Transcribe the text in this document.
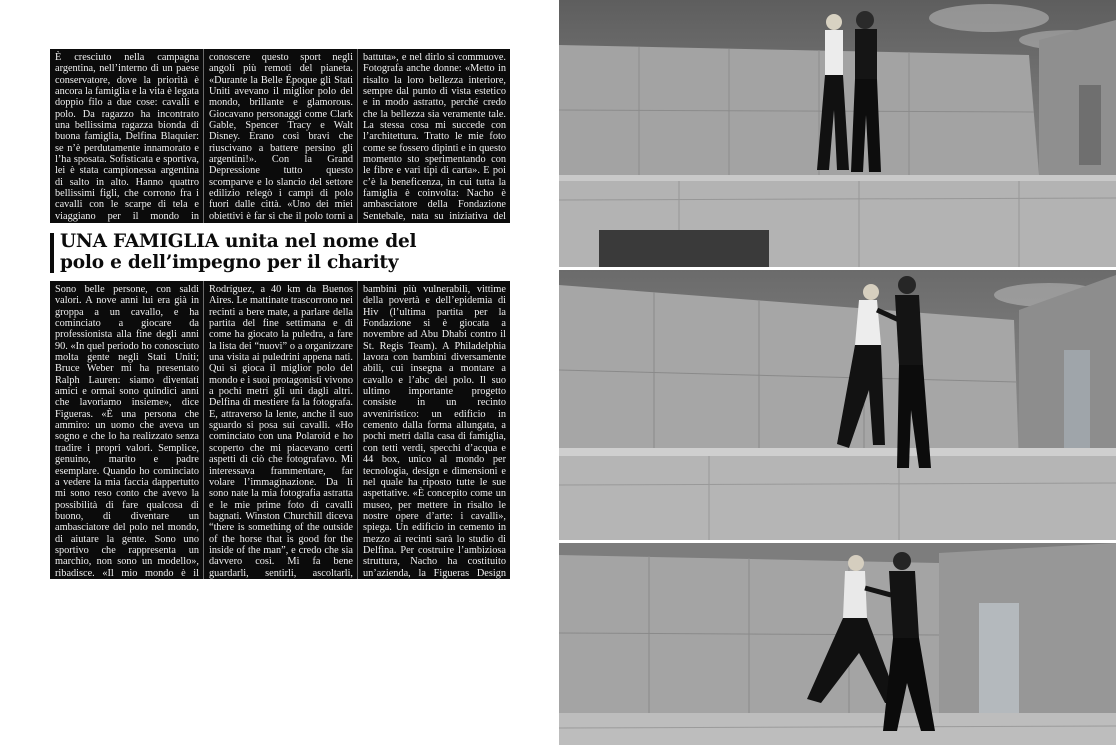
È cresciuto nella campagna argentina, nell’interno di un paese conservatore, dove la priorità è ancora la famiglia e la vita è legata doppio filo a due cose: cavalli e polo. Da ragazzo ha incontrato una bellissima ragazza bionda di buona famiglia, Delfina Blaquier: se n’è perdutamente innamorato e l’ha sposata. Sofisticata e sportiva, lei è stata campionessa argentina di salto in alto. Hanno quattro bellissimi figli, che corrono fra i cavalli con le scarpe di tela e viaggiano per il mondo in
conoscere questo sport negli angoli più remoti del pianeta. «Durante la Belle Époque gli Stati Uniti avevano il miglior polo del mondo, brillante e glamorous. Giocavano personaggi come Clark Gable, Spencer Tracy e Walt Disney. Erano così bravi che riuscivano a battere persino gli argentini!». Con la Grand Depressione tutto questo scomparve e lo slancio del settore edilizio relegò i campi di polo fuori dalle città. «Uno dei miei obiettivi è far sì che il polo torni a
battuta», e nel dirlo si commuove. Fotografa anche donne: «Metto in risalto la loro bellezza interiore, sempre dal punto di vista estetico e in modo astratto, perché credo che la bellezza sia veramente tale. La stessa cosa mi succede con l’architettura. Tratto le mie foto come se fossero dipinti e in questo momento sto sperimentando con le fibre e vari tipi di carta». E poi c’è la beneficenza, in cui tutta la famiglia è coinvolta: Nacho è ambasciatore della Fondazione Sentebale, nata su iniziativa del
UNA FAMIGLIA unita nel nome del
polo e dell’impegno per il charity
Sono belle persone, con saldi valori. A nove anni lui era già in groppa a un cavallo, e ha cominciato a giocare da professionista alla fine degli anni 90. «In quel periodo ho conosciuto molta gente negli Stati Uniti; Bruce Weber mi ha presentato Ralph Lauren: siamo diventati amici e ormai sono quindici anni che lavoriamo insieme», dice Figueras. «È una persona che ammiro: un uomo che aveva un sogno e che lo ha realizzato senza tradire i propri valori. Semplice, genuino, marito e padre esemplare. Quando ho cominciato a vedere la mia faccia dappertutto mi sono reso conto che avevo la possibilità di fare qualcosa di buono, di diventare un ambasciatore del polo nel mondo, di aiutare la gente. Sono uno sportivo che rappresenta un marchio, non sono un modello», ribadisce. «Il mio mondo è il
Rodríguez, a 40 km da Buenos Aires. Le mattinate trascorrono nei recinti a bere mate, a parlare della partita del fine settimana e di come ha giocato la puledra, a fare la lista dei “nuovi” o a organizzare una visita ai puledrini appena nati. Qui si gioca il miglior polo del mondo e i suoi protagonisti vivono a pochi metri gli uni dagli altri. Delfina di mestiere fa la fotografa. E, attraverso la lente, anche il suo sguardo si posa sui cavalli. «Ho cominciato con una Polaroid e ho scoperto che mi piacevano certi aspetti di ciò che fotografavo. Mi interessava frammentare, far volare l’immaginazione. Da lì sono nate la mia fotografia astratta e le mie prime foto di cavalli bagnati. Winston Churchill diceva “there is something of the outside of the horse that is good for the inside of the man”, e credo che sia davvero così. Mi fa bene guardarli, sentirli, ascoltarli,
bambini più vulnerabili, vittime della povertà e dell’epidemia di Hiv (l’ultima partita per la Fondazione si è giocata a novembre ad Abu Dhabi contro il St. Regis Team). A Philadelphia lavora con bambini diversamente abili, cui insegna a montare a cavallo e l’abc del polo. Il suo ultimo importante progetto consiste in un recinto avveniristico: un edificio in cemento dalla forma allungata, a pochi metri dalla casa di famiglia, con tetti verdi, specchi d’acqua e 44 box, unico al mondo per tecnologia, design e dimensioni e nel quale ha riposto tutte le sue aspettative. «È concepito come un museo, per mettere in risalto le nostre opere d’arte: i cavalli», spiega. Un edificio in cemento in mezzo ai recinti sarà lo studio di Delfina. Per costruire l’ambiziosa struttura, Nacho ha costituito un’azienda, la Figueras Design
